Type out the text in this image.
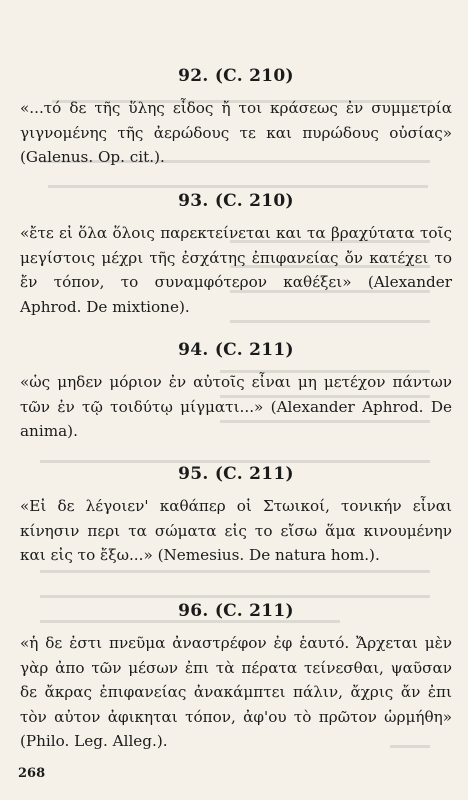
92. (C. 210)

«...τό δε τῆς ὕλης εἶδος ἤ τοι κράσεως ἐν συμμετρία γιγνομένης τῆς ἀερώδους τε και πυρώδους οὐσίας» (Galenus. Op. cit.).

93. (C. 210)

«ἔτε εἰ ὅλα ὅλοις παρεκτείνεται και τα βραχύτατα τοῖς μεγίστοις μέχρι τῆς ἐσχάτης ἐπιφανείας ὄν κατέχει το ἔν τόπον, το συναμφότερον καθέξει» (Alexander Aphrod. De mixtione).

94. (C. 211)

«ὡς μηδεν μόριον ἐν αὐτοῖς εἶναι μη μετέχον πάντων τῶν ἐν τῷ τοιδύτῳ μίγματι...» (Alexander Aphrod. De anima).

95. (C. 211)

«Εἰ δε λέγοιεν' καθάπερ οἱ Στωικοί, τονικήν εἶναι κίνησιν περι τα σώματα εἰς το εἴσω ἅμα κινουμένην και εἰς το ἔξω...» (Nemesius. De natura hom.).

96. (C. 211)

«ἡ δε ἐστι πνεῦμα ἀναστρέφον ἐφ ἑαυτό. Ἄρχεται μὲν γὰρ ἀπο τῶν μέσων ἐπι τὰ πέρατα τείνεσθαι, ψαῦσαν δε ἄκρας ἐπιφανείας ἀνακάμπτει πάλιν, ἄχρις ἄν ἐπι τὸν αὐτον ἀφικηται τόπον, ἀφ'ου τὸ πρῶτον ὡρμήθη» (Philo. Leg. Alleg.).

268
